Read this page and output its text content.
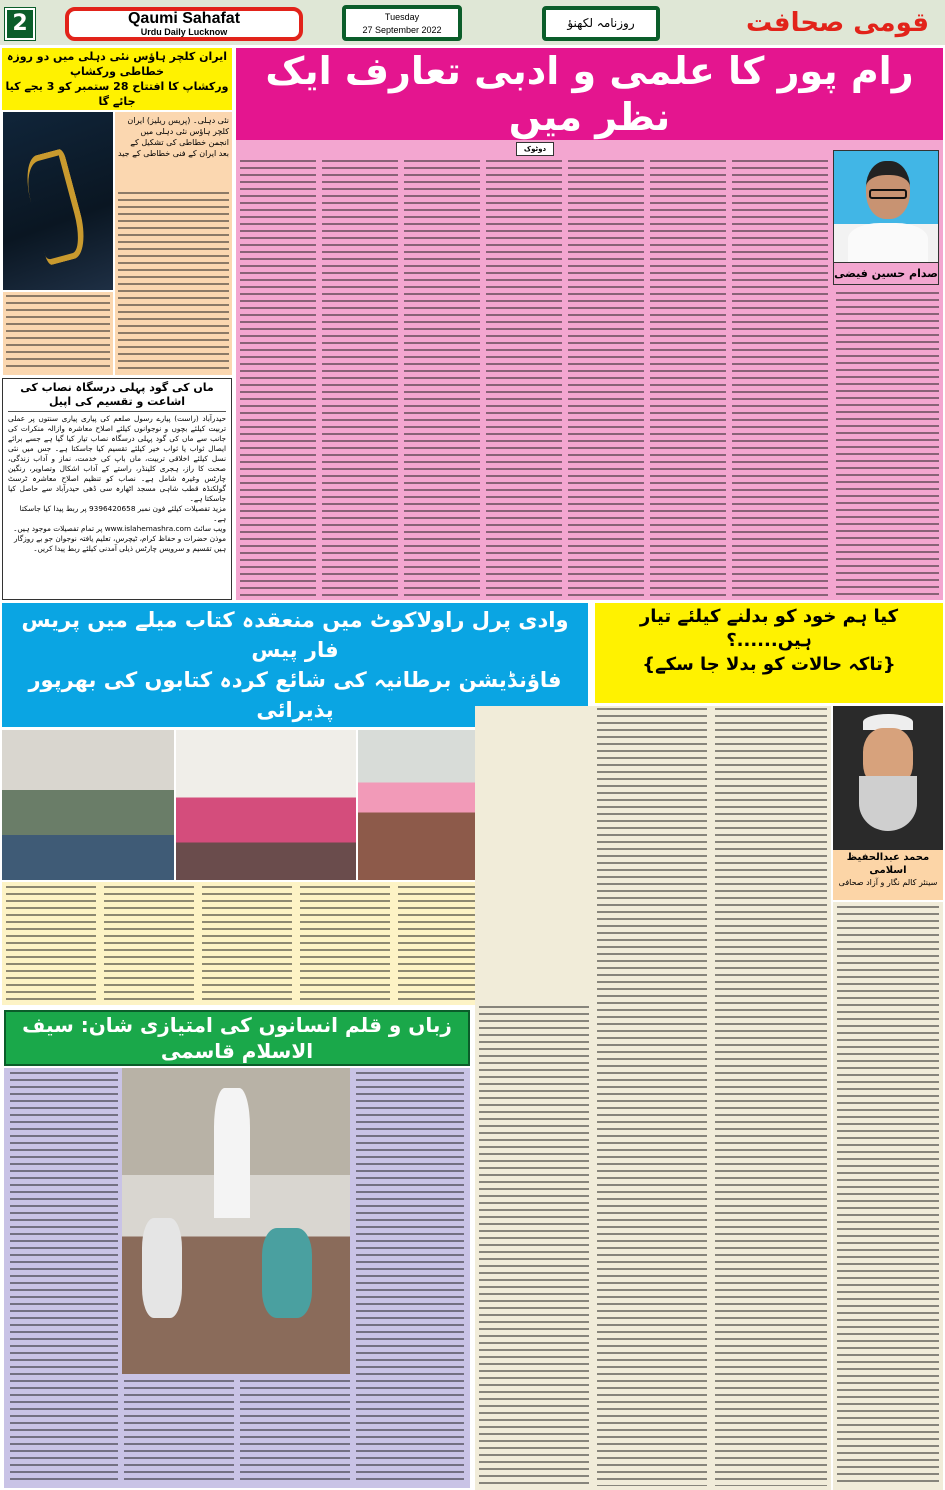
2	Qaumi Sahafat
Urdu Daily Lucknow
Tuesday
27 September 2022	روزنامہ لکھنؤ	قومی صحافت
ایران کلچر ہاؤس نئی دہلی میں دو روزہ خطاطی ورکشاپ
ورکشاپ کا افتتاح 28 ستمبر کو 3 بجے کیا جائے گا
نئی دہلی۔ (پریس ریلیز) ایران کلچر ہاؤس نئی دہلی میں انجمن خطاطی کی تشکیل کے بعد ایران کے فنی خطاطی کے جید
ماں کی گود پہلی درسگاہ نصاب کی اشاعت و تقسیم کی اپیل
حیدرآباد (راست) پیارے رسول صلعم کی پیاری پیاری سنتوں پر عملی تربیت کیلئے بچوں و نوجوانوں کیلئے اصلاح معاشرہ وازالہ منکرات کی جانب سے ماں کی گود پہلی درسگاہ نصاب تیار کیا گیا ہے جسے برائے ایصال ثواب یا ثواب خیر کیلئے تقسیم کیا جاسکتا ہے۔ جس میں نئی نسل کیلئے اخلاقی تربیت، ماں باپ کی خدمت، نماز و آداب زندگی، صحت کا راز، ہجری کلینڈر، راستے کے آداب اشکال وتصاویر، رنگین چارٹس وغیرہ شامل ہے۔ نصاب کو تنظیم اصلاح معاشرہ ٹرسٹ گولکنڈہ قطب شاہی مسجد اٹھارہ سی ڈھی حیدرآباد سے حاصل کیا جاسکتا ہے۔
مزید تفصیلات کیلئے فون نمبر 9396420658 پر ربط پیدا کیا جاسکتا ہے۔
ویب سائٹ www.islahemashra.com پر تمام تفصیلات موجود ہیں۔
موذن حضرات و حفاظ کرام، ٹیچرس، تعلیم یافتہ نوجوان جو بے روزگار ہیں تقسیم و سرویس چارٹس ذیلی آمدنی کیلئے ربط پیدا کریں۔
رام پور کا علمی و ادبی تعارف ایک نظر میں
دوٹوک
صدام حسین فیضی
وادی پرل راولاکوٹ میں منعقدہ کتاب میلے میں پریس فار پیس
فاؤنڈیشن برطانیہ کی شائع کردہ کتابوں کی بھرپور پذیرائی
کیا ہم خود کو بدلنے کیلئے تیار ہیں......؟
{تاکہ حالات کو بدلا جا سکے}
محمد عبدالحفیظ اسلامی
سینئر کالم نگار و آزاد صحافی
زباں و قلم انسانوں کی امتیازی شان: سیف الاسلام قاسمی
